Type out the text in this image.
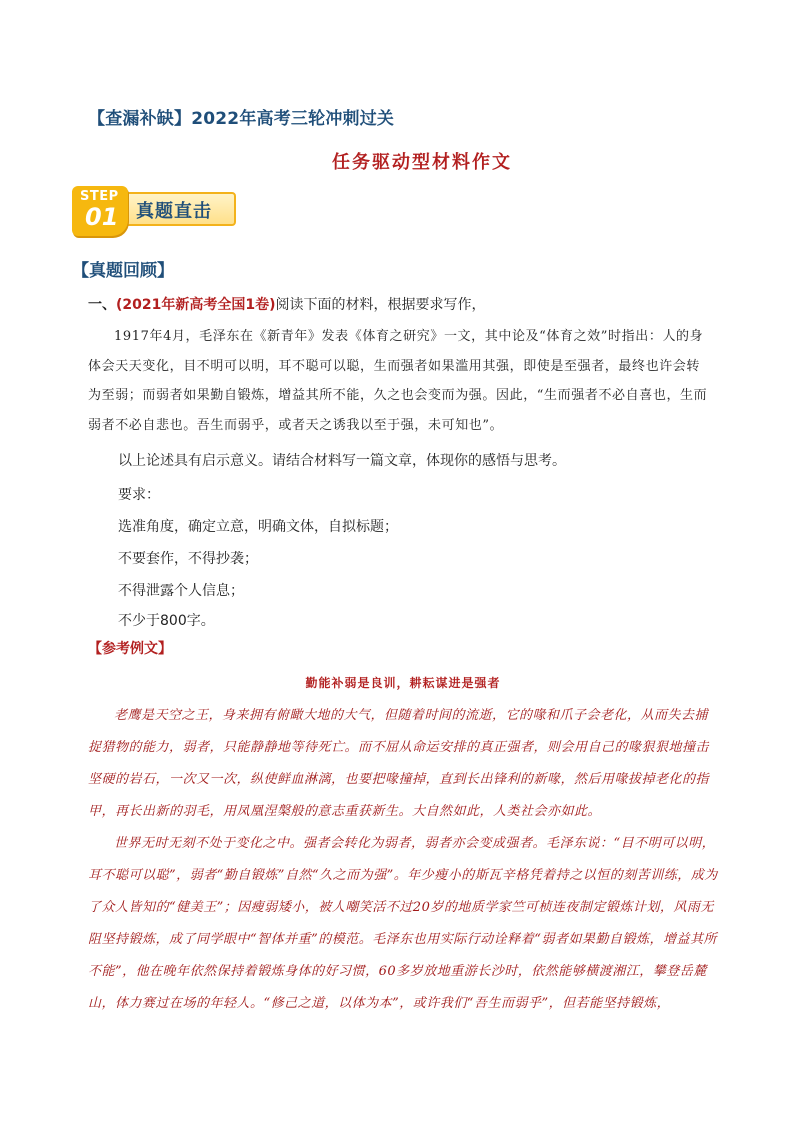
【查漏补缺】2022年高考三轮冲刺过关
任务驱动型材料作文
STEP
01 真题直击
【真题回顾】
一、(2021年新高考全国1卷)阅读下面的材料，根据要求写作，

1917年4月，毛泽东在《新青年》发表《体育之研究》一文，其中论及“体育之效”时指出：人的身体会天天变化，目不明可以明，耳不聪可以聪，生而强者如果滥用其强，即使是至强者，最终也许会转为至弱；而弱者如果勤自锻炼，增益其所不能，久之也会变而为强。因此，“生而强者不必自喜也，生而弱者不必自悲也。吾生而弱乎，或者天之诱我以至于强，未可知也”。

以上论述具有启示意义。请结合材料写一篇文章，体现你的感悟与思考。

要求：

选准角度，确定立意，明确文体，自拟标题；

不要套作，不得抄袭；

不得泄露个人信息；

不少于800字。

【参考例文】

勤能补弱是良训，耕耘谋进是强者

老鹰是天空之王，身来拥有俯瞰大地的大气，但随着时间的流逝，它的喙和爪子会老化，从而失去捕捉猎物的能力，弱者，只能静静地等待死亡。而不屈从命运安排的真正强者，则会用自己的喙狠狠地撞击坚硬的岩石，一次又一次，纵使鲜血淋漓，也要把喙撞掉，直到长出锋利的新喙，然后用喙拔掉老化的指甲，再长出新的羽毛，用凤凰涅槃般的意志重获新生。大自然如此，人类社会亦如此。

世界无时无刻不处于变化之中。强者会转化为弱者，弱者亦会变成强者。毛泽东说：“目不明可以明，耳不聪可以聪”，弱者“勤自锻炼”自然“久之而为强”。年少瘦小的斯瓦辛格凭着持之以恒的刻苦训练，成为了众人皆知的“健美王”；因瘦弱矮小，被人嘲笑活不过20岁的地质学家竺可桢连夜制定锻炼计划，风雨无阻坚持锻炼，成了同学眼中“智体并重”的模范。毛泽东也用实际行动诠释着“弱者如果勤自锻炼，增益其所不能”，他在晚年依然保持着锻炼身体的好习惯，60多岁放地重游长沙时，依然能够横渡湘江，攀登岳麓山，体力赛过在场的年轻人。“修己之道，以体为本”，或许我们“吾生而弱乎”，但若能坚持锻炼，
